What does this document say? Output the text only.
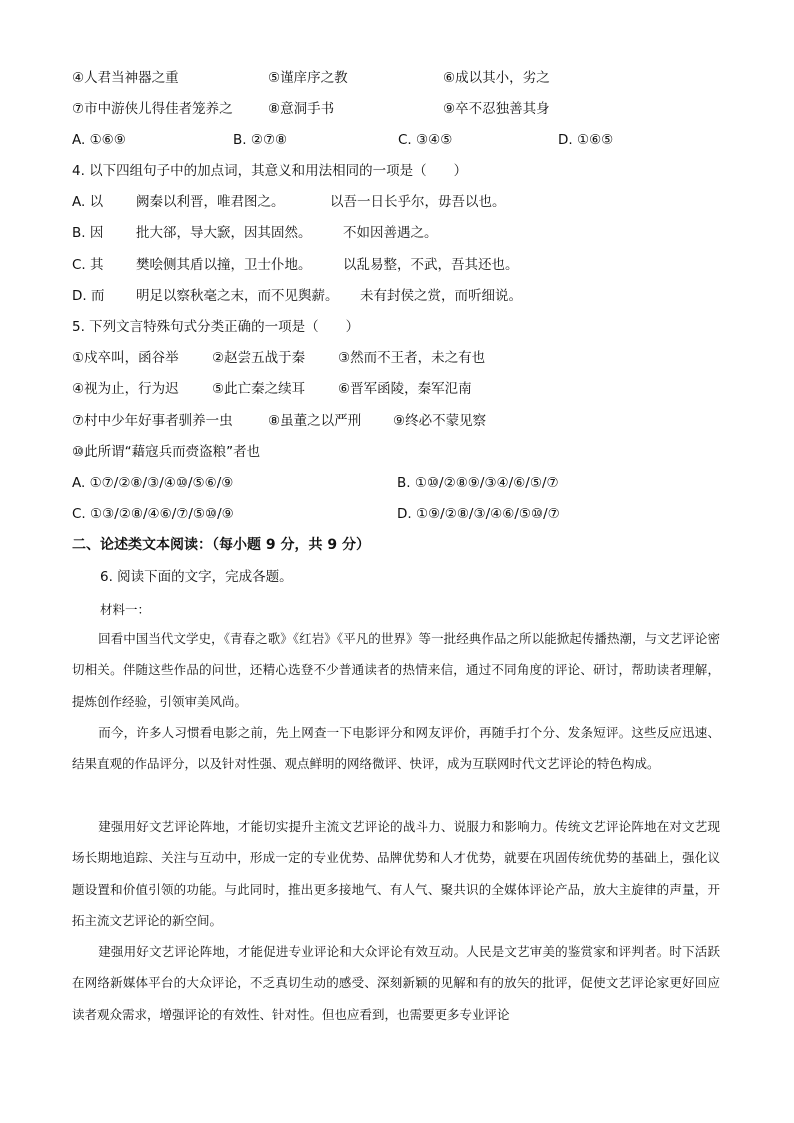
④人君当神器之重	⑤谨庠序之教	⑥成以其小，劣之
⑦市中游侠儿得佳者笼养之	⑧意洞手书	⑨卒不忍独善其身
A. ①⑥⑨	B. ②⑦⑧	C. ③④⑤	D. ①⑥⑤
4. 以下四组句子中的加点词，其意义和用法相同的一项是（　　）
A. 以 阙秦以利晋，唯君图之。	以吾一日长乎尔，毋吾以也。
B. 因 批大郤，导大窾，因其固然。 不如因善遇之。
C. 其 樊哙侧其盾以撞，卫士仆地。 以乱易整，不武，吾其还也。
D. 而 明足以察秋毫之末，而不见舆薪。 未有封侯之赏，而听细说。
5. 下列文言特殊句式分类正确的一项是（　　）
①戍卒叫，函谷举 ②赵尝五战于秦 ③然而不王者，未之有也
④视为止，行为迟 ⑤此亡秦之续耳 ⑥晋军函陵，秦军氾南
⑦村中少年好事者驯养一虫	⑧虽董之以严刑 ⑨终必不蒙见察
⑩此所谓“藉寇兵而赍盗粮”者也
A. ①⑦/②⑧/③/④⑩/⑤⑥/⑨	B. ①⑩/②⑧⑨/③④/⑥/⑤/⑦
C. ①③/②⑧/④⑥/⑦/⑤⑩/⑨	D. ①⑨/②⑧/③/④⑥/⑤⑩/⑦
二、论述类文本阅读：（每小题 9 分，共 9 分）
6. 阅读下面的文字，完成各题。
材料一：
回看中国当代文学史，《青春之歌》《红岩》《平凡的世界》等一批经典作品之所以能掀起传播热潮，与文艺评论密切相关。伴随这些作品的问世，还精心选登不少普通读者的热情来信，通过不同角度的评论、研讨，帮助读者理解，提炼创作经验，引领审美风尚。
而今，许多人习惯看电影之前，先上网查一下电影评分和网友评价，再随手打个分、发条短评。这些反应迅速、结果直观的作品评分，以及针对性强、观点鲜明的网络微评、快评，成为互联网时代文艺评论的特色构成。
建强用好文艺评论阵地，才能切实提升主流文艺评论的战斗力、说服力和影响力。传统文艺评论阵地在对文艺现场长期地追踪、关注与互动中，形成一定的专业优势、品牌优势和人才优势，就要在巩固传统优势的基础上，强化议题设置和价值引领的功能。与此同时，推出更多接地气、有人气、聚共识的全媒体评论产品，放大主旋律的声量，开拓主流文艺评论的新空间。
建强用好文艺评论阵地，才能促进专业评论和大众评论有效互动。人民是文艺审美的鉴赏家和评判者。时下活跃在网络新媒体平台的大众评论，不乏真切生动的感受、深刻新颖的见解和有的放矢的批评，促使文艺评论家更好回应读者观众需求，增强评论的有效性、针对性。但也应看到，也需要更多专业评论
